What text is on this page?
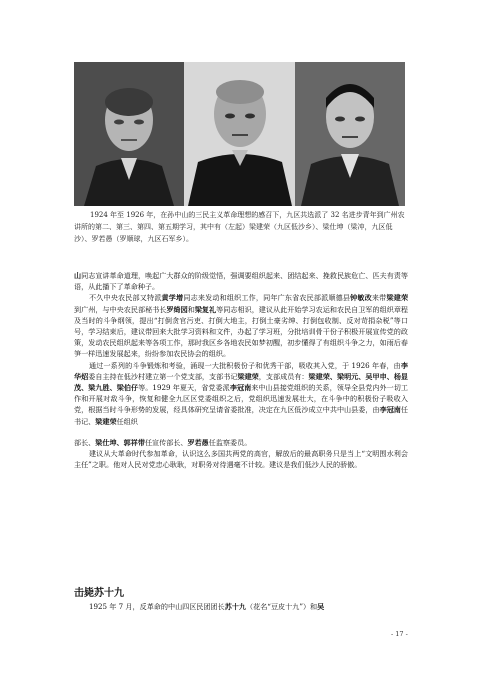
1924 年至 1926 年，在孙中山的三民主义革命理想的感召下，九区共选派了 32 名进步青年到广州农讲所的第二、第三、第四、第五期学习，其中有（左起）梁建荣（九区低沙乡）、梁仕坤（梁冲，九区低沙）、罗若愚（罗顺球，九区石军乡）。

山同志宣讲革命道理，唤起广大群众的阶级觉悟，强调要组织起来、团结起来、挽救民族危亡、匹夫有责等语，从此播下了革命种子。

不久中央农民部又特派黄学增同志来发动和组织工作，同年广东省农民部派顺德县钟敏改来带梁建荣到广州，与中央农民部秘书长罗绮园和梁复礼等同志相识，建议从此开始学习农运和农民自卫军的组织章程及当时的斗争纲领，提出“打倒贪官污吏、打倒大地主，打倒土豪劣绅、打倒包收制、反对苛捐杂税”等口号，学习结束后，建议带回来大批学习资料和文件，办起了学习班，分批培训骨干份子积极开展宣传党的政策，发动农民组织起来等各项工作，那时我区乡各地农民如梦初醒，初步懂得了有组织斗争之力，如雨后春笋一样迅速发展起来，纷纷参加农民协会的组织。

通过一系列的斗争锻炼和考验，涌现一大批积极份子和优秀干部，吸收其入党，于 1926 年春，由李华炤委自主持在低沙村建立第一个党支部，支部书记梁建荣，支部成员有：梁建荣、梁明元、吴甲申、杨显茂、梁九胜、梁伯仔等。1929 年夏天，省党委派李冠南来中山县接党组织的关系，领导全县党内外一切工作和开展对敌斗争，恢复和健全九区区党委组织之后，党组织迅速发展壮大，在斗争中的积极份子吸收入党，根据当时斗争形势的发展，经具体研究呈请省委批准，决定在九区低沙成立中共中山县委，由李冠南任书记、梁建荣任组织

部长、梁仕坤、郭祥带任宣传部长、罗若愚任监察委员。

建议从大革命时代参加革命，认识这么多国共两党的高官，解放后的最高职务只是当上“文明围水利会主任”之职。他对人民对党忠心耿耿，对职务对待遇毫不计较。建议是我们低沙人民的骄傲。

击毙苏十九
1925 年 7 月，反革命的中山四区民团团长苏十九（花名“豆皮十九”）和吴
- 17 -
